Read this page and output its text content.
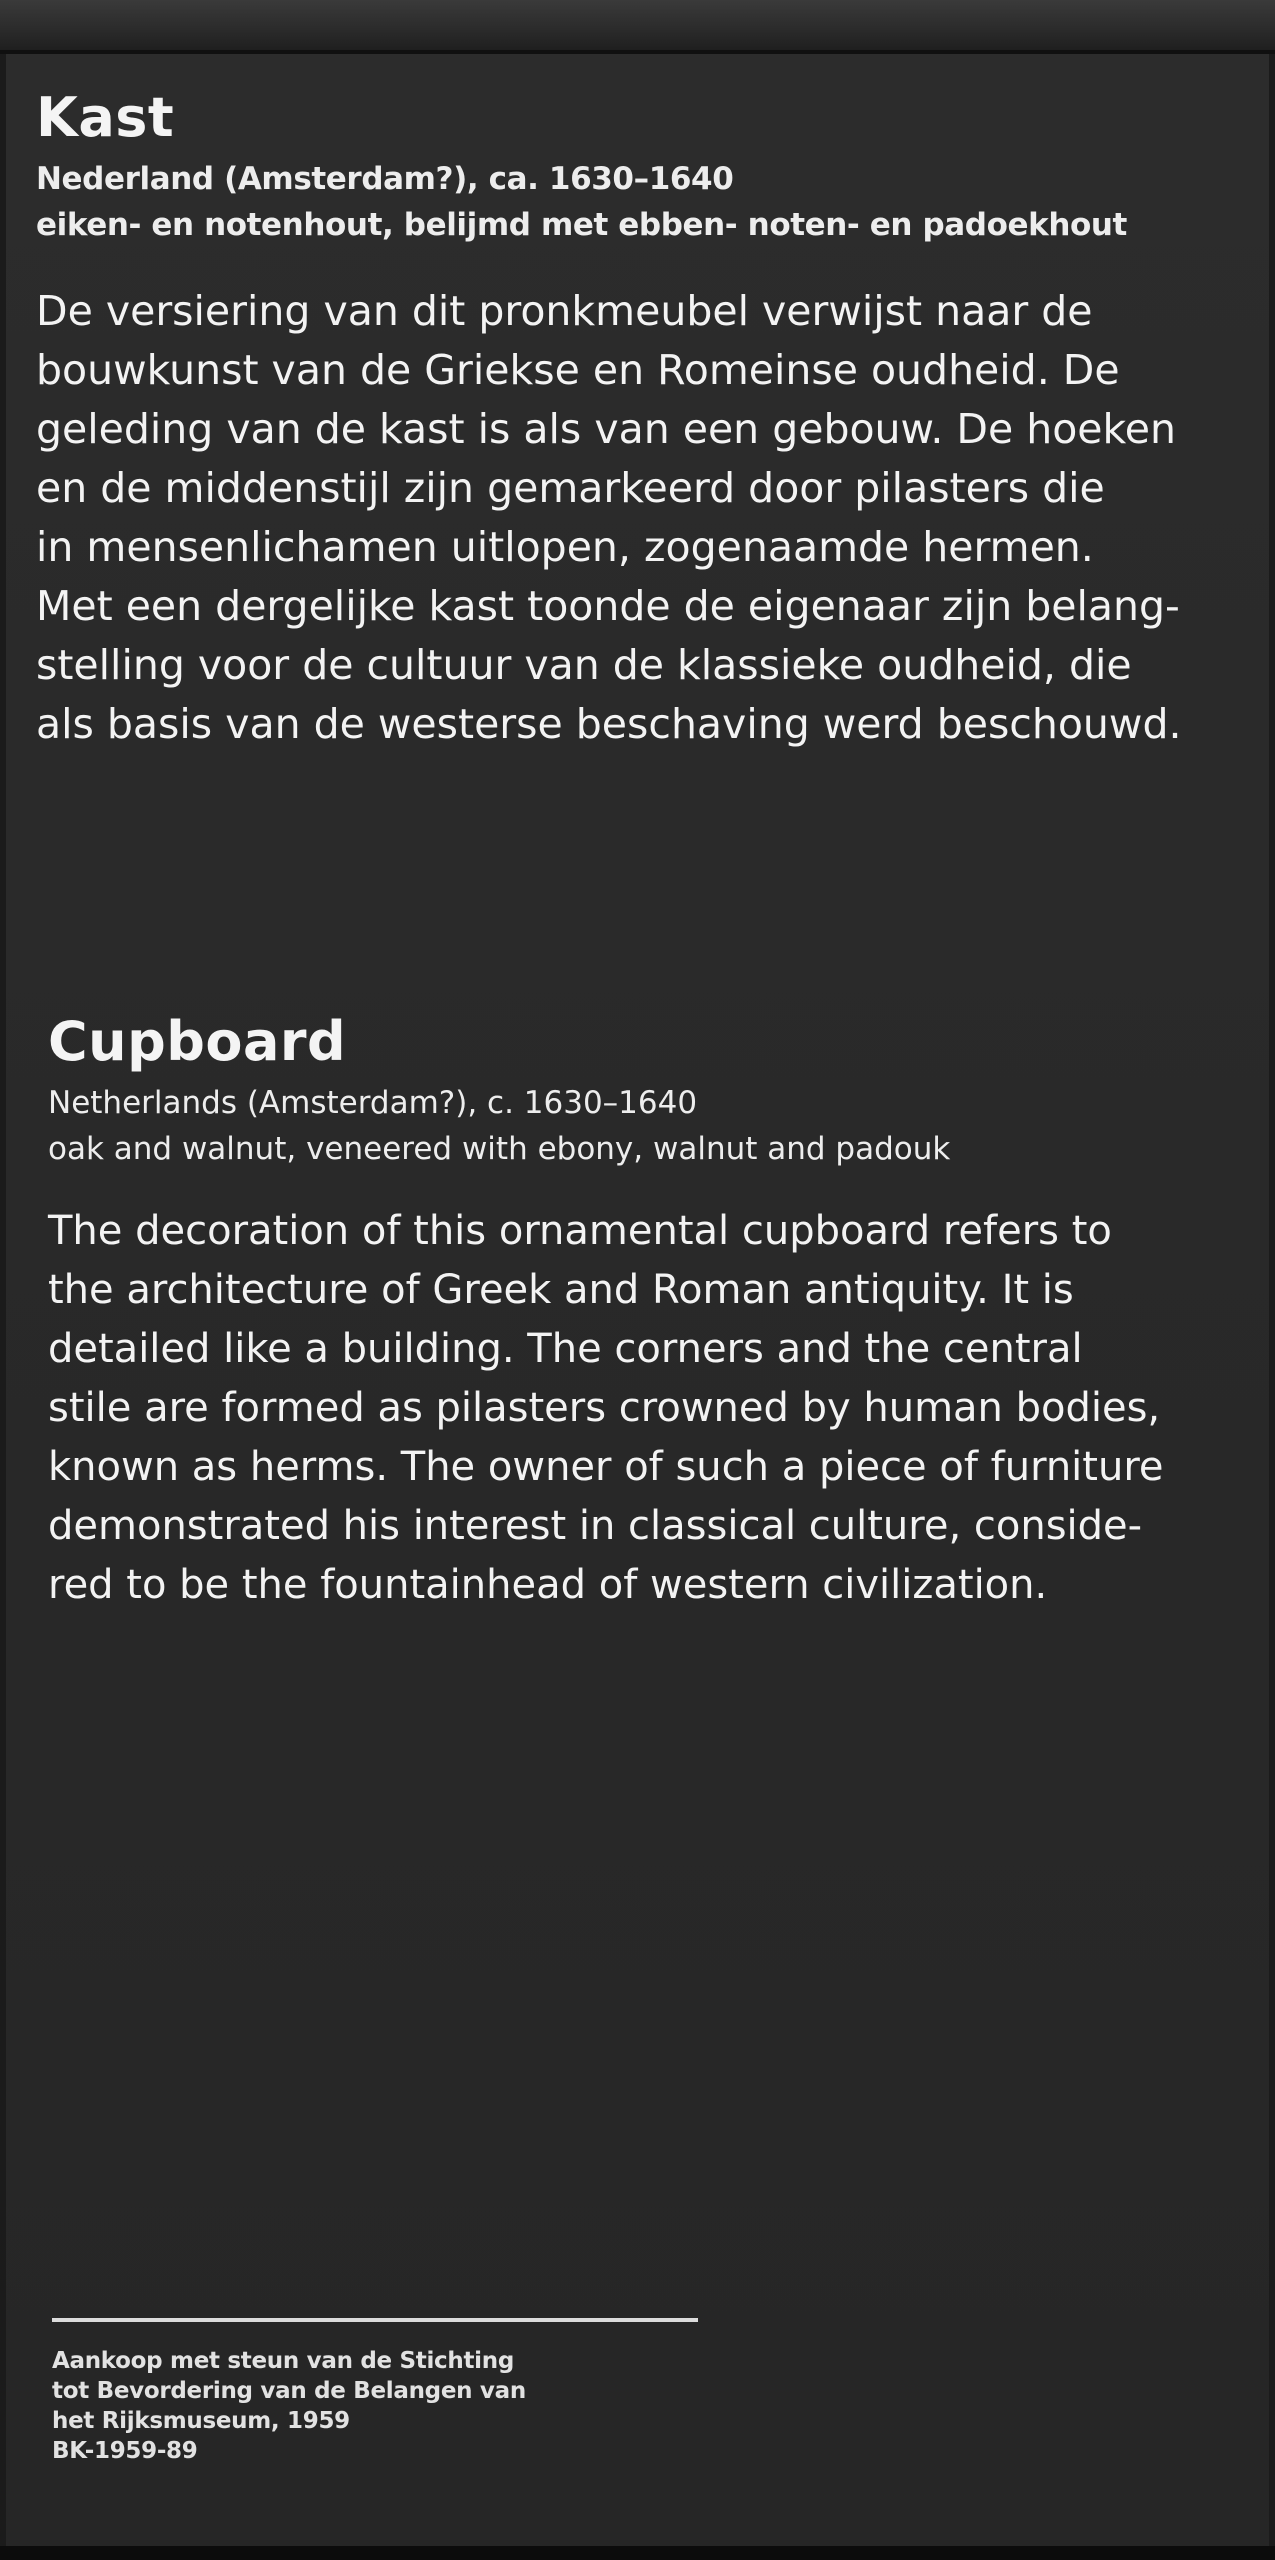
Kast
Nederland (Amsterdam?), ca. 1630–1640
eiken- en notenhout, belijmd met ebben- noten- en padoekhout
De versiering van dit pronkmeubel verwijst naar de
bouwkunst van de Griekse en Romeinse oudheid. De
geleding van de kast is als van een gebouw. De hoeken
en de middenstijl zijn gemarkeerd door pilasters die
in mensenlichamen uitlopen, zogenaamde hermen.
Met een dergelijke kast toonde de eigenaar zijn belang-
stelling voor de cultuur van de klassieke oudheid, die
als basis van de westerse beschaving werd beschouwd.
Cupboard
Netherlands (Amsterdam?), c. 1630–1640
oak and walnut, veneered with ebony, walnut and padouk
The decoration of this ornamental cupboard refers to
the architecture of Greek and Roman antiquity. It is
detailed like a building. The corners and the central
stile are formed as pilasters crowned by human bodies,
known as herms. The owner of such a piece of furniture
demonstrated his interest in classical culture, conside-
red to be the fountainhead of western civilization.
Aankoop met steun van de Stichting
tot Bevordering van de Belangen van
het Rijksmuseum, 1959
BK-1959-89
